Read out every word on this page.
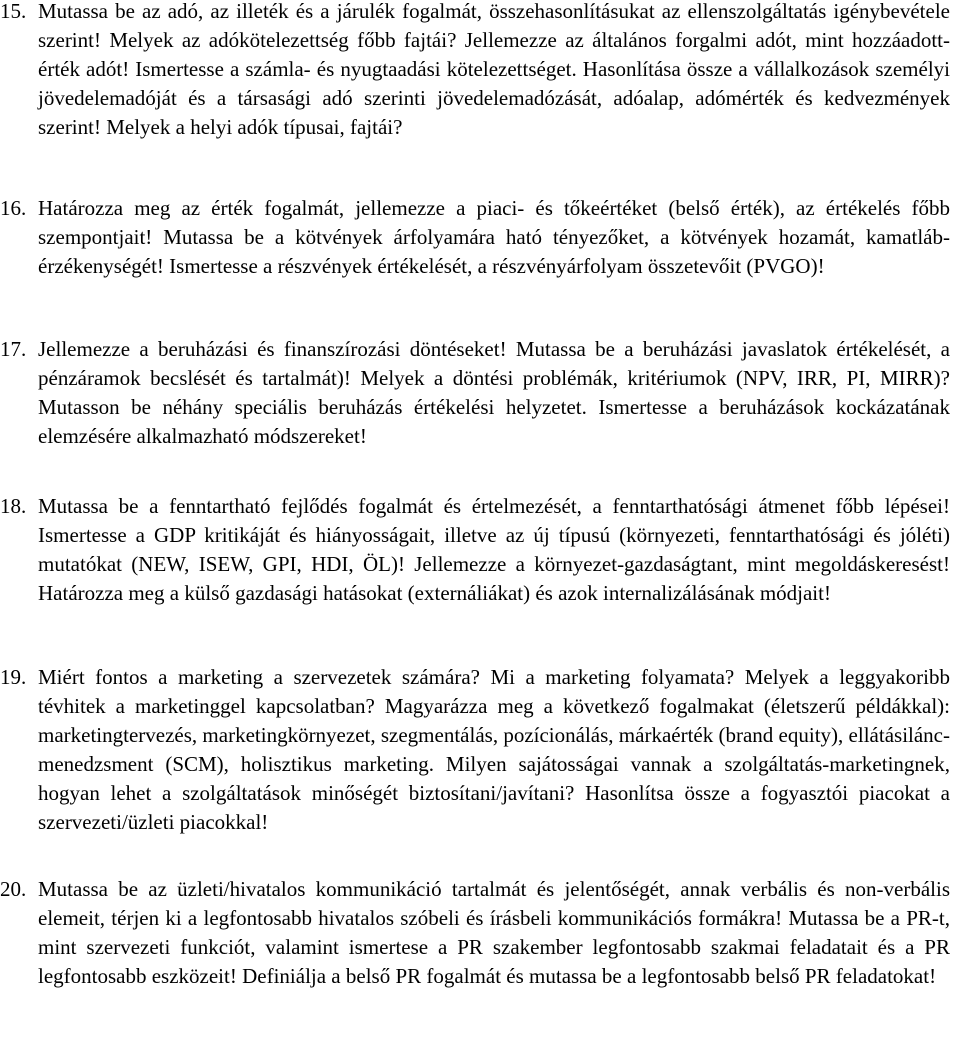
15. Mutassa be az adó, az illeték és a járulék fogalmát, összehasonlításukat az ellenszolgáltatás igénybevétele szerint! Melyek az adókötelezettség főbb fajtái? Jellemezze az általános forgalmi adót, mint hozzáadott-érték adót! Ismertesse a számla- és nyugtaadási kötelezettséget. Hasonlítása össze a vállalkozások személyi jövedelemadóját és a társasági adó szerinti jövedelemadózását, adóalap, adómérték és kedvezmények szerint! Melyek a helyi adók típusai, fajtái?
16. Határozza meg az érték fogalmát, jellemezze a piaci- és tőkeértéket (belső érték), az értékelés főbb szempontjait! Mutassa be a kötvények árfolyamára ható tényezőket, a kötvények hozamát, kamatláb-érzékenységét! Ismertesse a részvények értékelését, a részvényárfolyam összetevőit (PVGO)!
17. Jellemezze a beruházási és finanszírozási döntéseket! Mutassa be a beruházási javaslatok értékelését, a pénzáramok becslését és tartalmát)! Melyek a döntési problémák, kritériumok (NPV, IRR, PI, MIRR)? Mutasson be néhány speciális beruházás értékelési helyzetet. Ismertesse a beruházások kockázatának elemzésére alkalmazható módszereket!
18. Mutassa be a fenntartható fejlődés fogalmát és értelmezését, a fenntarthatósági átmenet főbb lépései! Ismertesse a GDP kritikáját és hiányosságait, illetve az új típusú (környezeti, fenntarthatósági és jóléti) mutatókat (NEW, ISEW, GPI, HDI, ÖL)! Jellemezze a környezet-gazdaságtant, mint megoldáskeresést! Határozza meg a külső gazdasági hatásokat (externáliákat) és azok internalizálásának módjait!
19. Miért fontos a marketing a szervezetek számára? Mi a marketing folyamata? Melyek a leggyakoribb tévhitek a marketinggel kapcsolatban? Magyarázza meg a következő fogalmakat (életszerű példákkal): marketingtervezés, marketingkörnyezet, szegmentálás, pozícionálás, márkaérték (brand equity), ellátásilánc-menedzsment (SCM), holisztikus marketing. Milyen sajátosságai vannak a szolgáltatás-marketingnek, hogyan lehet a szolgáltatások minőségét biztosítani/javítani? Hasonlítsa össze a fogyasztói piacokat a szervezeti/üzleti piacokkal!
20. Mutassa be az üzleti/hivatalos kommunikáció tartalmát és jelentőségét, annak verbális és non-verbális elemeit, térjen ki a legfontosabb hivatalos szóbeli és írásbeli kommunikációs formákra! Mutassa be a PR-t, mint szervezeti funkciót, valamint ismertese a PR szakember legfontosabb szakmai feladatait és a PR legfontosabb eszközeit! Definiálja a belső PR fogalmát és mutassa be a legfontosabb belső PR feladatokat!
